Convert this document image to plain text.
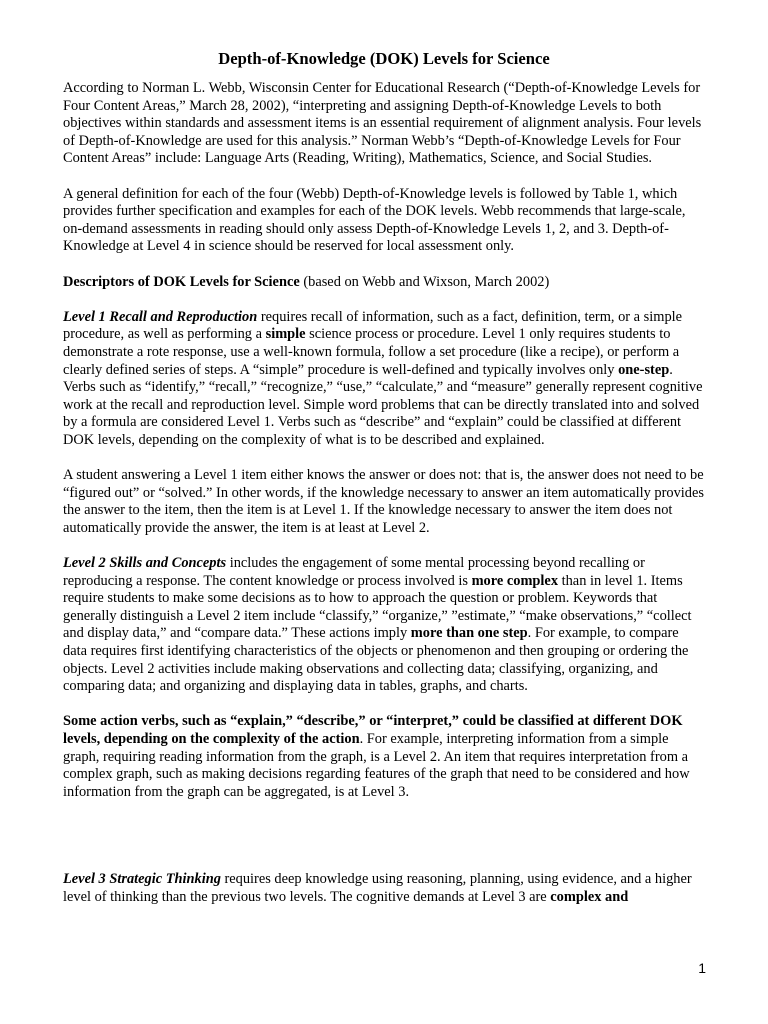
Depth-of-Knowledge (DOK) Levels for Science

According to Norman L. Webb, Wisconsin Center for Educational Research (“Depth-of-Knowledge Levels for Four Content Areas,” March 28, 2002), “interpreting and assigning Depth-of-Knowledge Levels to both objectives within standards and assessment items is an essential requirement of alignment analysis. Four levels of Depth-of-Knowledge are used for this analysis.” Norman Webb’s “Depth-of-Knowledge Levels for Four Content Areas” include: Language Arts (Reading, Writing), Mathematics, Science, and Social Studies.

A general definition for each of the four (Webb) Depth-of-Knowledge levels is followed by Table 1, which provides further specification and examples for each of the DOK levels. Webb recommends that large-scale, on-demand assessments in reading should only assess Depth-of-Knowledge Levels 1, 2, and 3. Depth-of-Knowledge at Level 4 in science should be reserved for local assessment only.

Descriptors of DOK Levels for Science (based on Webb and Wixson, March 2002)

Level 1 Recall and Reproduction requires recall of information, such as a fact, definition, term, or a simple procedure, as well as performing a simple science process or procedure. Level 1 only requires students to demonstrate a rote response, use a well-known formula, follow a set procedure (like a recipe), or perform a clearly defined series of steps. A “simple” procedure is well-defined and typically involves only one-step. Verbs such as “identify,” “recall,” “recognize,” “use,” “calculate,” and “measure” generally represent cognitive work at the recall and reproduction level. Simple word problems that can be directly translated into and solved by a formula are considered Level 1. Verbs such as “describe” and “explain” could be classified at different DOK levels, depending on the complexity of what is to be described and explained.

A student answering a Level 1 item either knows the answer or does not: that is, the answer does not need to be “figured out” or “solved.” In other words, if the knowledge necessary to answer an item automatically provides the answer to the item, then the item is at Level 1. If the knowledge necessary to answer the item does not automatically provide the answer, the item is at least at Level 2.

Level 2 Skills and Concepts includes the engagement of some mental processing beyond recalling or reproducing a response. The content knowledge or process involved is more complex than in level 1. Items require students to make some decisions as to how to approach the question or problem. Keywords that generally distinguish a Level 2 item include “classify,” “organize,” ”estimate,” “make observations,” “collect and display data,” and “compare data.” These actions imply more than one step. For example, to compare data requires first identifying characteristics of the objects or phenomenon and then grouping or ordering the objects. Level 2 activities include making observations and collecting data; classifying, organizing, and comparing data; and organizing and displaying data in tables, graphs, and charts.

Some action verbs, such as “explain,” “describe,” or “interpret,” could be classified at different DOK levels, depending on the complexity of the action. For example, interpreting information from a simple graph, requiring reading information from the graph, is a Level 2. An item that requires interpretation from a complex graph, such as making decisions regarding features of the graph that need to be considered and how information from the graph can be aggregated, is at Level 3.

Level 3 Strategic Thinking requires deep knowledge using reasoning, planning, using evidence, and a higher level of thinking than the previous two levels. The cognitive demands at Level 3 are complex and

1
